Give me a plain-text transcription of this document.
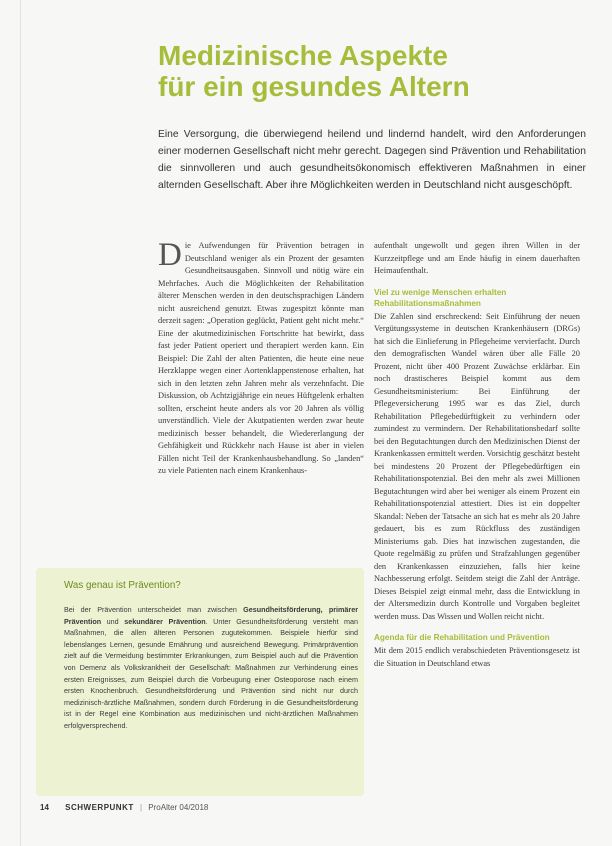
Medizinische Aspekte
für ein gesundes Altern

Eine Versorgung, die überwiegend heilend und lindernd handelt, wird den Anforderungen einer modernen Gesellschaft nicht mehr gerecht. Dagegen sind Prävention und Rehabilitation die sinnvolleren und auch gesundheitsökonomisch effektiveren Maßnahmen in einer alternden Gesellschaft. Aber ihre Möglichkeiten werden in Deutschland nicht ausgeschöpft.

Die Aufwendungen für Prävention betragen in Deutschland weniger als ein Prozent der gesamten Gesundheitsausgaben. Sinnvoll und nötig wäre ein Mehrfaches. Auch die Möglichkeiten der Rehabilitation älterer Menschen werden in den deutschsprachigen Ländern nicht ausreichend genutzt. Etwas zugespitzt könnte man derzeit sagen: „Operation geglückt, Patient geht nicht mehr.“ Eine der akutmedizinischen Fortschritte hat bewirkt, dass fast jeder Patient operiert und therapiert werden kann. Ein Beispiel: Die Zahl der alten Patienten, die heute eine neue Herzklappe wegen einer Aortenklappenstenose erhalten, hat sich in den letzten zehn Jahren mehr als verzehnfacht. Die Diskussion, ob Achtzigjährige ein neues Hüftgelenk erhalten sollten, erscheint heute anders als vor 20 Jahren als völlig unverständlich. Viele der Akutpatienten werden zwar heute medizinisch besser behandelt, die Wiedererlangung der Gehfähigkeit und Rückkehr nach Hause ist aber in vielen Fällen nicht Teil der Krankenhausbehandlung. So „landen“ zu viele Patienten nach einem Krankenhaus-

aufenthalt ungewollt und gegen ihren Willen in der Kurzzeitpflege und am Ende häufig in einem dauerhaften Heimaufenthalt.

Viel zu wenige Menschen erhalten Rehabilitationsmaßnahmen

Die Zahlen sind erschreckend: Seit Einführung der neuen Vergütungssysteme in deutschen Krankenhäusern (DRGs) hat sich die Einlieferung in Pflegeheime vervierfacht. Durch den demografischen Wandel wären über alle Fälle 20 Prozent, nicht über 400 Prozent Zuwächse erklärbar. Ein noch drastischeres Beispiel kommt aus dem Gesundheitsministerium: Bei Einführung der Pflegeversicherung 1995 war es das Ziel, durch Rehabilitation Pflegebedürftigkeit zu verhindern oder zumindest zu vermindern. Der Rehabilitationsbedarf sollte bei den Begutachtungen durch den Medizinischen Dienst der Krankenkassen ermittelt werden. Vorsichtig geschätzt besteht bei mindestens 20 Prozent der Pflegebedürftigen ein Rehabilitationspotenzial. Bei den mehr als zwei Millionen Begutachtungen wird aber bei weniger als einem Prozent ein Rehabilitationspotenzial attestiert. Dies ist ein doppelter Skandal: Neben der Tatsache an sich hat es mehr als 20 Jahre gedauert, bis es zum Rückfluss des zuständigen Ministeriums gab. Dies hat inzwischen zugestanden, die Quote regelmäßig zu prüfen und Strafzahlungen gegenüber den Krankenkassen einzuziehen, falls hier keine Nachbesserung erfolgt. Seitdem steigt die Zahl der Anträge. Dieses Beispiel zeigt einmal mehr, dass die Entwicklung in der Altersmedizin durch Kontrolle und Vorgaben begleitet werden muss. Das Wissen und Wollen reicht nicht.

Agenda für die Rehabilitation und Prävention

Mit dem 2015 endlich verabschiedeten Präventionsgesetz ist die Situation in Deutschland etwas

Was genau ist Prävention?

Bei der Prävention unterscheidet man zwischen Gesundheitsförderung, primärer Prävention und sekundärer Prävention. Unter Gesundheitsförderung versteht man Maßnahmen, die allen älteren Personen zugutekommen. Beispiele hierfür sind lebenslanges Lernen, gesunde Ernährung und ausreichend Bewegung. Primärprävention zielt auf die Vermeidung bestimmter Erkrankungen, zum Beispiel auch auf die Prävention von Demenz als Volkskrankheit der Gesellschaft: Maßnahmen zur Verhinderung eines ersten Ereignisses, zum Beispiel durch die Vorbeugung einer Osteoporose nach einem ersten Knochenbruch. Gesundheitsförderung und Prävention sind nicht nur durch medizinisch-ärztliche Maßnahmen, sondern durch Förderung in die Gesundheitsförderung ist in der Regel eine Kombination aus medizinischen und nicht-ärztlichen Maßnahmen erfolgversprechend.

14 SCHWERPUNKT | ProAlter 04/2018
